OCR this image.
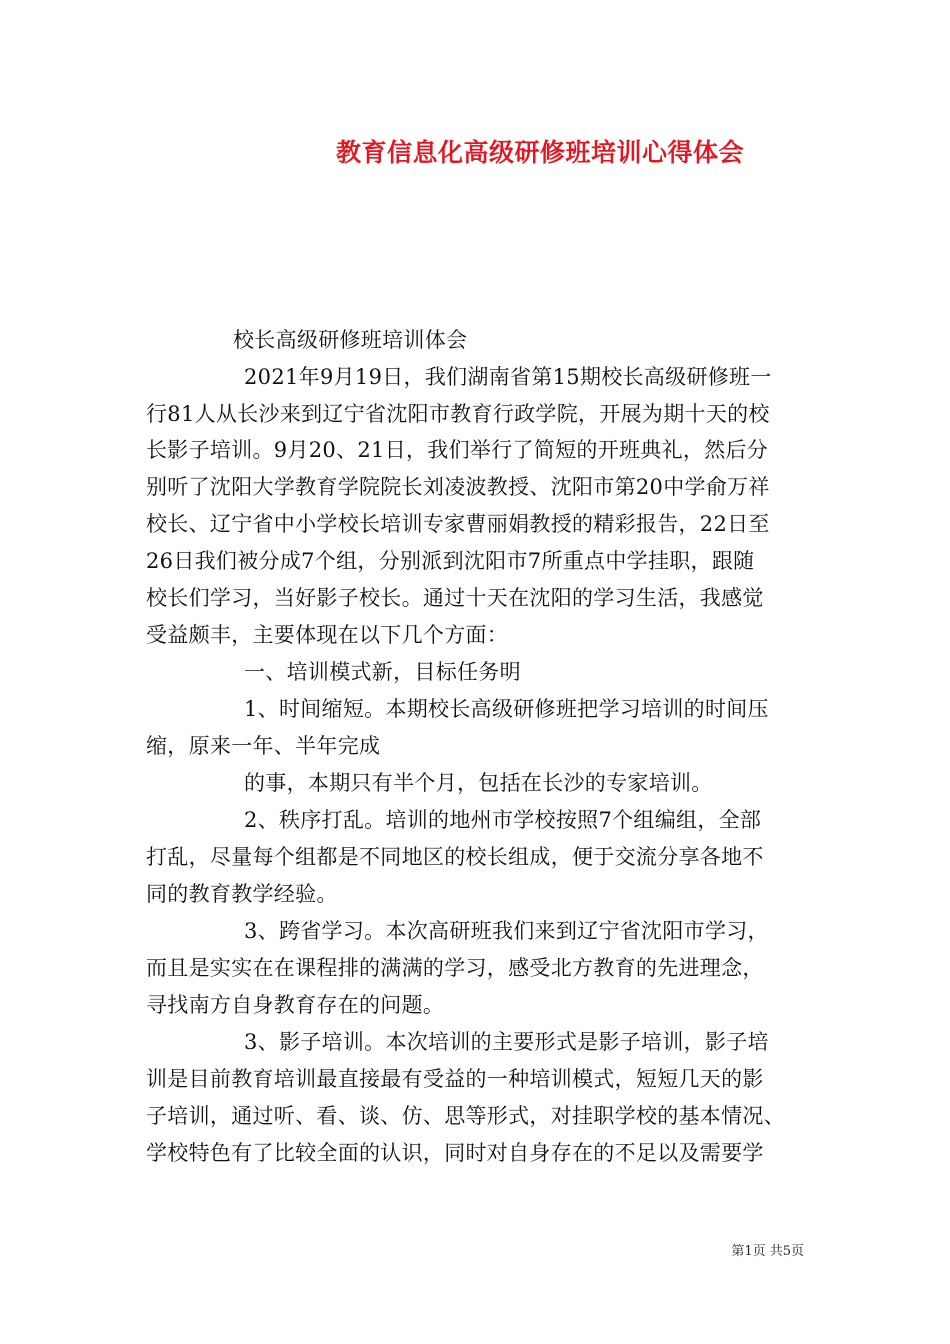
教育信息化高级研修班培训心得体会
校长高级研修班培训体会
2021年9月19日，我们湖南省第15期校长高级研修班一
行81人从长沙来到辽宁省沈阳市教育行政学院，开展为期十天的校
长影子培训。9月20、21日，我们举行了简短的开班典礼，然后分
别听了沈阳大学教育学院院长刘凌波教授、沈阳市第20中学俞万祥
校长、辽宁省中小学校长培训专家曹丽娟教授的精彩报告，22日至
26日我们被分成7个组，分别派到沈阳市7所重点中学挂职，跟随
校长们学习，当好影子校长。通过十天在沈阳的学习生活，我感觉
受益颇丰，主要体现在以下几个方面：
一、培训模式新，目标任务明
1、时间缩短。本期校长高级研修班把学习培训的时间压
缩，原来一年、半年完成
的事，本期只有半个月，包括在长沙的专家培训。
2、秩序打乱。培训的地州市学校按照7个组编组，全部
打乱，尽量每个组都是不同地区的校长组成，便于交流分享各地不
同的教育教学经验。
3、跨省学习。本次高研班我们来到辽宁省沈阳市学习，
而且是实实在在课程排的满满的学习，感受北方教育的先进理念，
寻找南方自身教育存在的问题。
3、影子培训。本次培训的主要形式是影子培训，影子培
训是目前教育培训最直接最有受益的一种培训模式，短短几天的影
子培训，通过听、看、谈、仿、思等形式，对挂职学校的基本情况、
学校特色有了比较全面的认识，同时对自身存在的不足以及需要学
第1页 共5页
